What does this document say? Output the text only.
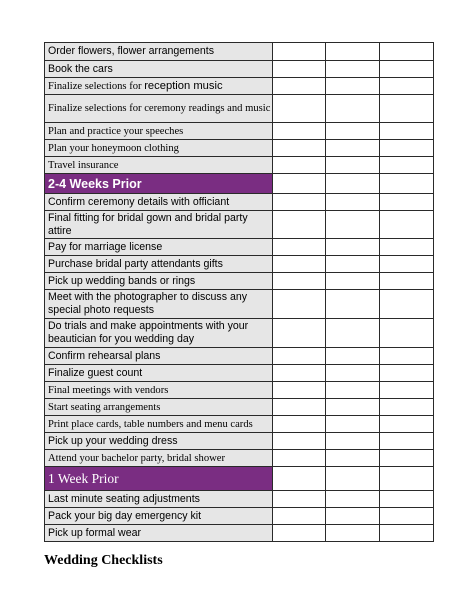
Order flowers, flower arrangements			
Book the cars			
Finalize selections for reception music			
Finalize selections for ceremony readings and music			
Plan and practice your speeches			
Plan your honeymoon clothing			
Travel insurance			
2-4 Weeks Prior			
Confirm ceremony details with officiant			
Final fitting for bridal gown and bridal party attire			
Pay for marriage license			
Purchase bridal party attendants gifts			
Pick up wedding bands or rings			
Meet with the photographer to discuss any special photo requests			
Do trials and make appointments with your beautician for you wedding day			
Confirm rehearsal plans			
Finalize guest count			
Final meetings with vendors			
Start seating arrangements			
Print place cards, table numbers and menu cards			
Pick up your wedding dress			
Attend your bachelor party, bridal shower			
1 Week Prior			
Last minute seating adjustments			
Pack your big day emergency kit			
Pick up formal wear			
Wedding Checklists
